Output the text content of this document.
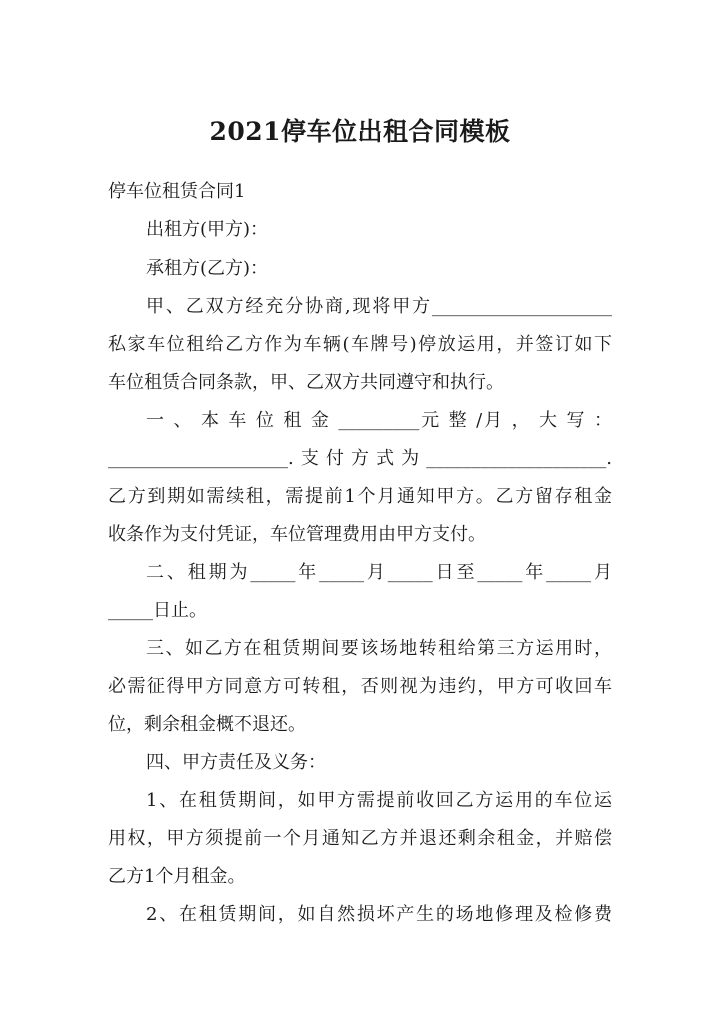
2021停车位出租合同模板
停车位租赁合同1
出租方(甲方)：
承租方(乙方)：
甲、乙双方经充分协商,现将甲方____________________
私家车位租给乙方作为车辆(车牌号)停放运用，并签订如下
车位租赁合同条款，甲、乙双方共同遵守和执行。
一 、 本 车 位 租 金 _________元 整 /月 ， 大 写 ：
____________________.支付方式为____________________.
乙方到期如需续租，需提前1个月通知甲方。乙方留存租金
收条作为支付凭证，车位管理费用由甲方支付。
二、租期为_____年_____月_____日至_____年_____月
_____日止。
三、如乙方在租赁期间要该场地转租给第三方运用时，
必需征得甲方同意方可转租，否则视为违约，甲方可收回车
位，剩余租金概不退还。
四、甲方责任及义务：
1、在租赁期间，如甲方需提前收回乙方运用的车位运
用权，甲方须提前一个月通知乙方并退还剩余租金，并赔偿
乙方1个月租金。
2、在租赁期间，如自然损坏产生的场地修理及检修费
